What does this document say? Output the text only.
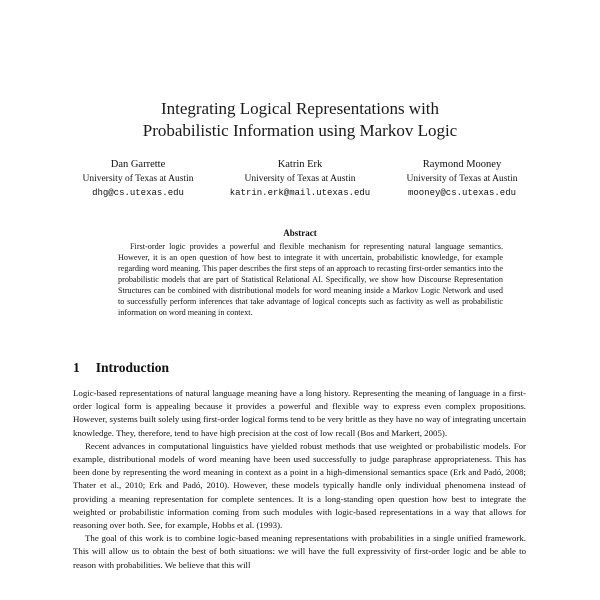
Integrating Logical Representations with
Probabilistic Information using Markov Logic
Dan Garrette
University of Texas at Austin
dhg@cs.utexas.edu
Katrin Erk
University of Texas at Austin
katrin.erk@mail.utexas.edu
Raymond Mooney
University of Texas at Austin
mooney@cs.utexas.edu
Abstract

First-order logic provides a powerful and flexible mechanism for representing natural language semantics. However, it is an open question of how best to integrate it with uncertain, probabilistic knowledge, for example regarding word meaning. This paper describes the first steps of an approach to recasting first-order semantics into the probabilistic models that are part of Statistical Relational AI. Specifically, we show how Discourse Representation Structures can be combined with distributional models for word meaning inside a Markov Logic Network and used to successfully perform inferences that take advantage of logical concepts such as factivity as well as probabilistic information on word meaning in context.

1 Introduction

Logic-based representations of natural language meaning have a long history. Representing the meaning of language in a first-order logical form is appealing because it provides a powerful and flexible way to express even complex propositions. However, systems built solely using first-order logical forms tend to be very brittle as they have no way of integrating uncertain knowledge. They, therefore, tend to have high precision at the cost of low recall (Bos and Markert, 2005).

Recent advances in computational linguistics have yielded robust methods that use weighted or probabilistic models. For example, distributional models of word meaning have been used successfully to judge paraphrase appropriateness. This has been done by representing the word meaning in context as a point in a high-dimensional semantics space (Erk and Padó, 2008; Thater et al., 2010; Erk and Padó, 2010). However, these models typically handle only individual phenomena instead of providing a meaning representation for complete sentences. It is a long-standing open question how best to integrate the weighted or probabilistic information coming from such modules with logic-based representations in a way that allows for reasoning over both. See, for example, Hobbs et al. (1993).

The goal of this work is to combine logic-based meaning representations with probabilities in a single unified framework. This will allow us to obtain the best of both situations: we will have the full expressivity of first-order logic and be able to reason with probabilities. We believe that this will
